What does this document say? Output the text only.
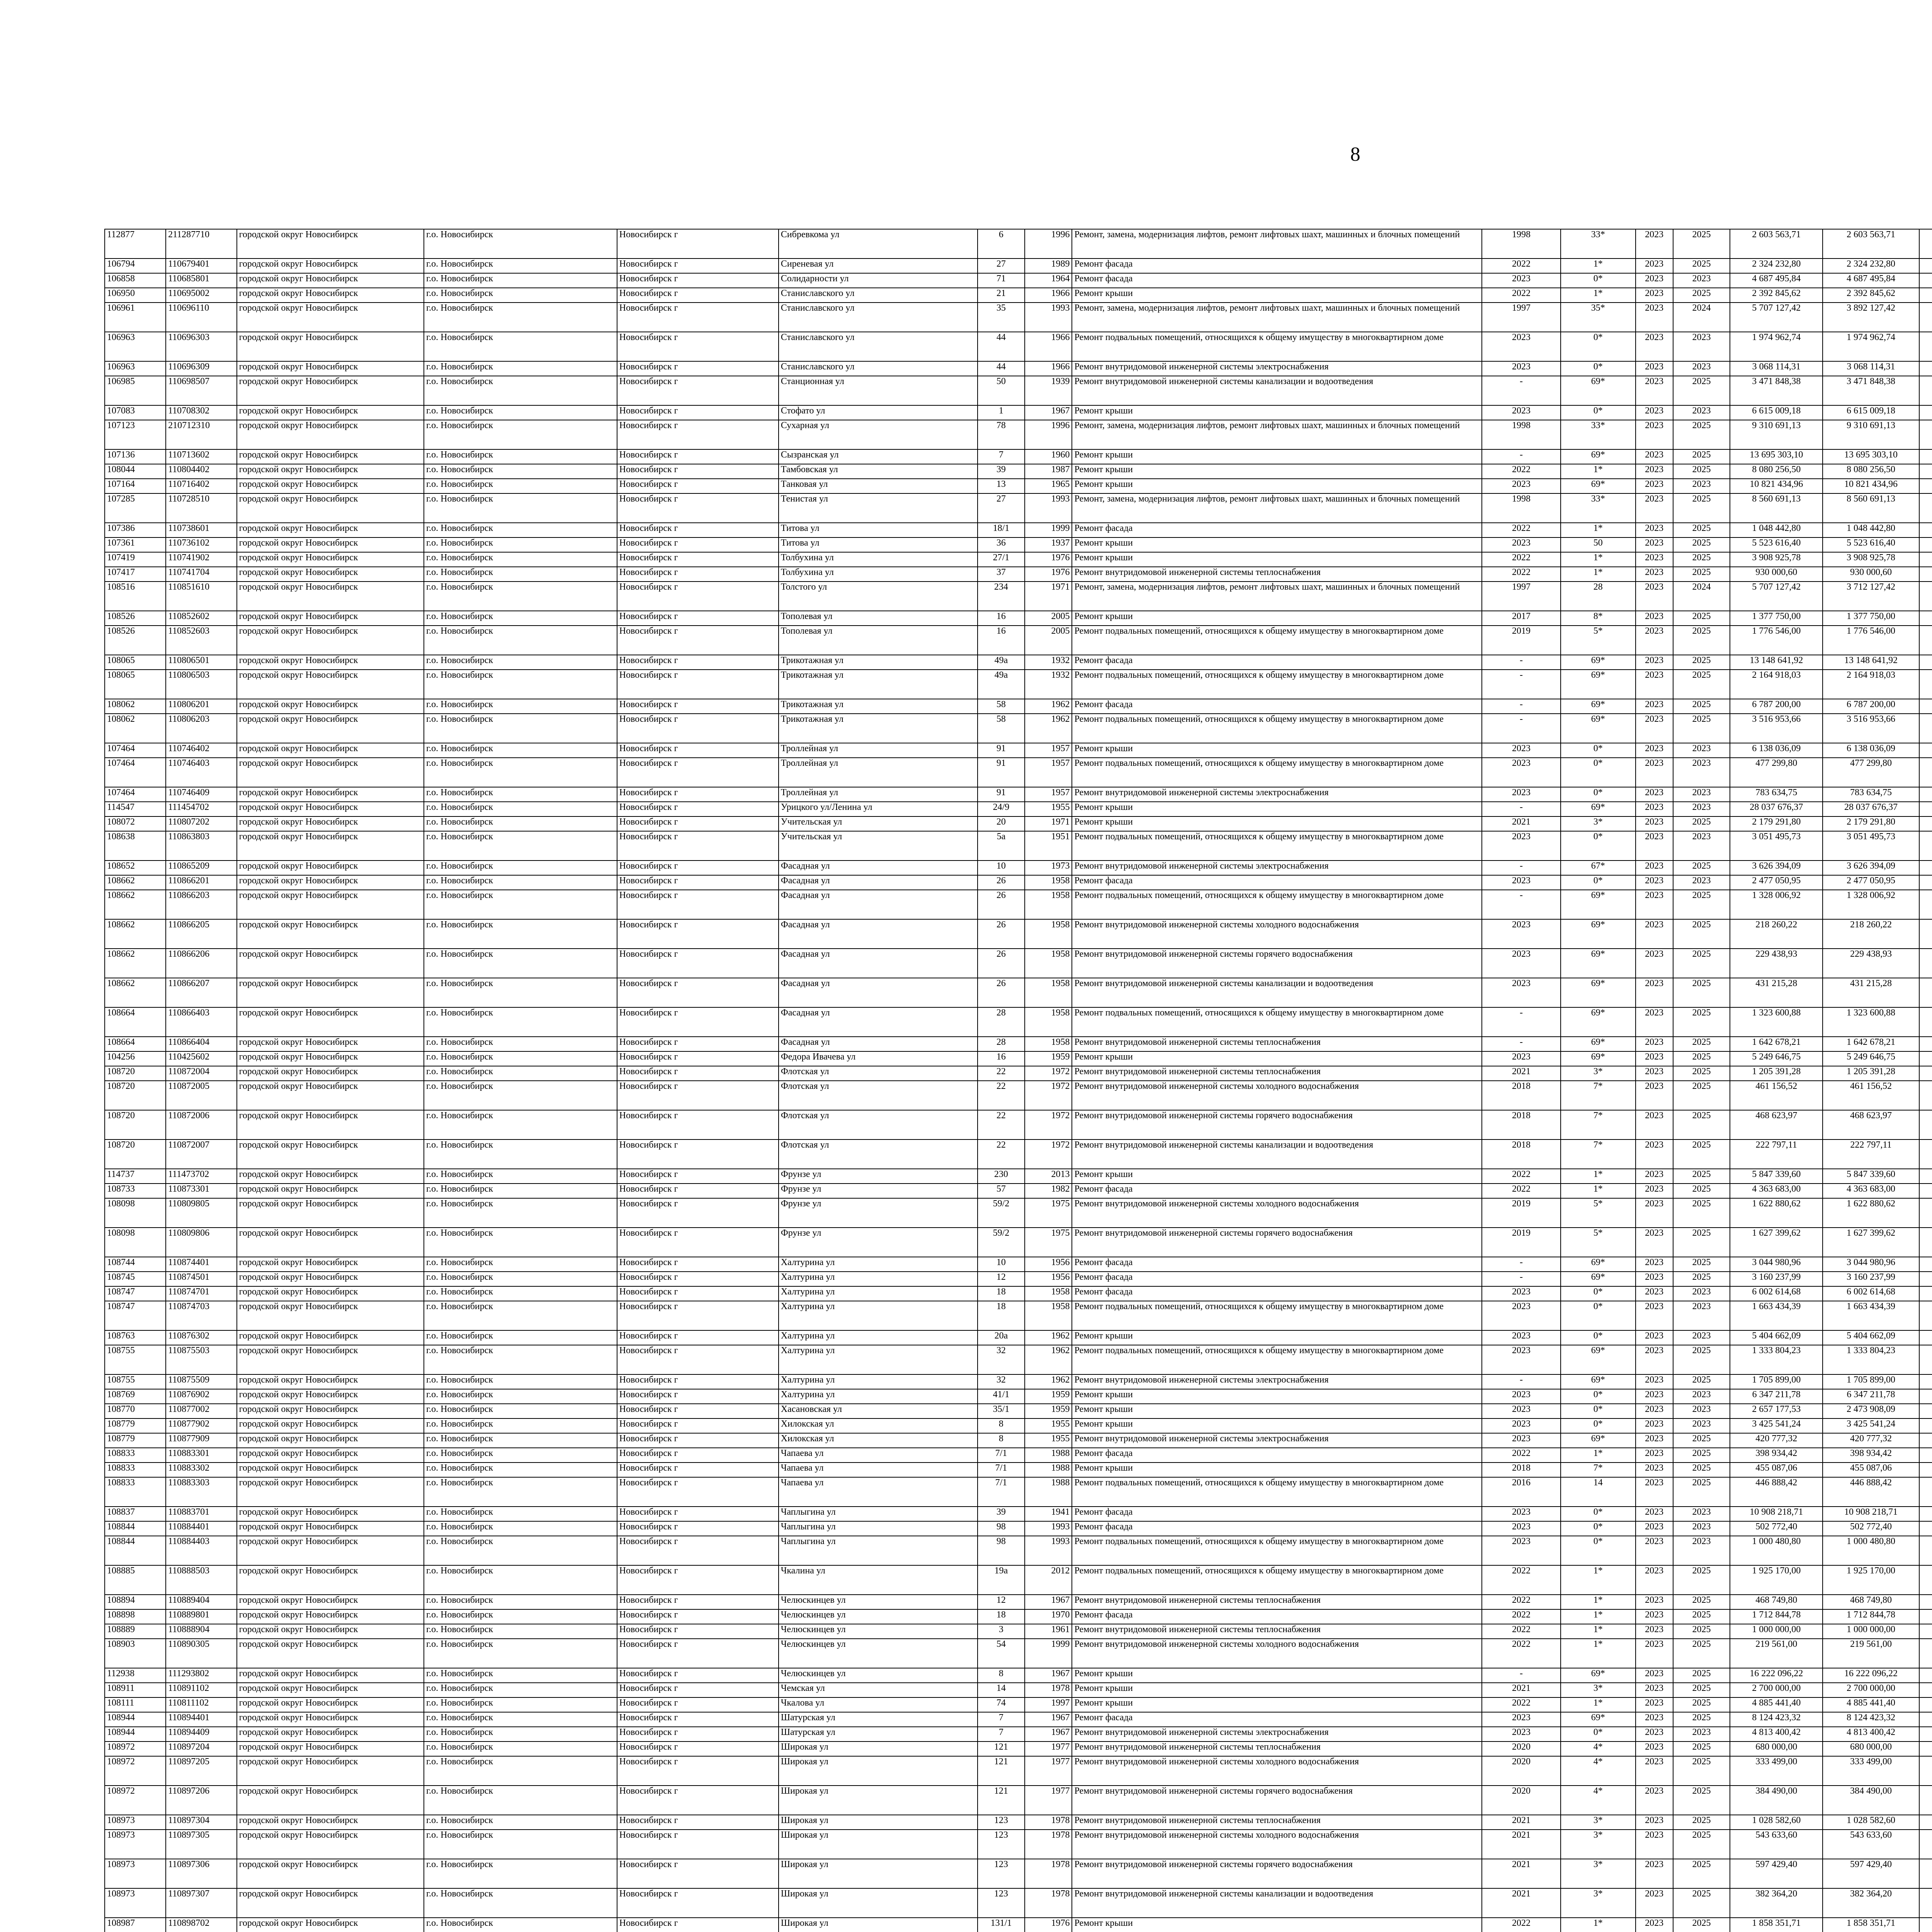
8
112877	211287710	городской округ Новосибирск	г.о. Новосибирск	Новосибирск г	Сибревкома ул	6	1996	Ремонт, замена, модернизация лифтов, ремонт лифтовых шахт, машинных и блочных помещений	1998	33*	2023	2025	2 603 563,71	2 603 563,71							
106794	110679401	городской округ Новосибирск	г.о. Новосибирск	Новосибирск г	Сиреневая ул	27	1989	Ремонт фасада	2022	1*	2023	2025	2 324 232,80	2 324 232,80							
106858	110685801	городской округ Новосибирск	г.о. Новосибирск	Новосибирск г	Солидарности ул	71	1964	Ремонт фасада	2023	0*	2023	2023	4 687 495,84	4 687 495,84							
106950	110695002	городской округ Новосибирск	г.о. Новосибирск	Новосибирск г	Станиславского ул	21	1966	Ремонт крыши	2022	1*	2023	2025	2 392 845,62	2 392 845,62							
106961	110696110	городской округ Новосибирск	г.о. Новосибирск	Новосибирск г	Станиславского ул	35	1993	Ремонт, замена, модернизация лифтов, ремонт лифтовых шахт, машинных и блочных помещений	1997	35*	2023	2024	5 707 127,42	3 892 127,42							
106963	110696303	городской округ Новосибирск	г.о. Новосибирск	Новосибирск г	Станиславского ул	44	1966	Ремонт подвальных помещений, относящихся к общему имуществу в многоквартирном доме	2023	0*	2023	2023	1 974 962,74	1 974 962,74							
106963	110696309	городской округ Новосибирск	г.о. Новосибирск	Новосибирск г	Станиславского ул	44	1966	Ремонт внутридомовой инженерной системы электроснабжения	2023	0*	2023	2023	3 068 114,31	3 068 114,31							
106985	110698507	городской округ Новосибирск	г.о. Новосибирск	Новосибирск г	Станционная ул	50	1939	Ремонт внутридомовой инженерной системы канализации и водоотведения	-	69*	2023	2025	3 471 848,38	3 471 848,38							
107083	110708302	городской округ Новосибирск	г.о. Новосибирск	Новосибирск г	Стофато ул	1	1967	Ремонт крыши	2023	0*	2023	2023	6 615 009,18	6 615 009,18							
107123	210712310	городской округ Новосибирск	г.о. Новосибирск	Новосибирск г	Сухарная ул	78	1996	Ремонт, замена, модернизация лифтов, ремонт лифтовых шахт, машинных и блочных помещений	1998	33*	2023	2025	9 310 691,13	9 310 691,13							
107136	110713602	городской округ Новосибирск	г.о. Новосибирск	Новосибирск г	Сызранская ул	7	1960	Ремонт крыши	-	69*	2023	2025	13 695 303,10	13 695 303,10							
108044	110804402	городской округ Новосибирск	г.о. Новосибирск	Новосибирск г	Тамбовская ул	39	1987	Ремонт крыши	2022	1*	2023	2025	8 080 256,50	8 080 256,50							
107164	110716402	городской округ Новосибирск	г.о. Новосибирск	Новосибирск г	Танковая ул	13	1965	Ремонт крыши	2023	69*	2023	2023	10 821 434,96	10 821 434,96							
107285	110728510	городской округ Новосибирск	г.о. Новосибирск	Новосибирск г	Тенистая ул	27	1993	Ремонт, замена, модернизация лифтов, ремонт лифтовых шахт, машинных и блочных помещений	1998	33*	2023	2025	8 560 691,13	8 560 691,13							
107386	110738601	городской округ Новосибирск	г.о. Новосибирск	Новосибирск г	Титова ул	18/1	1999	Ремонт фасада	2022	1*	2023	2025	1 048 442,80	1 048 442,80							
107361	110736102	городской округ Новосибирск	г.о. Новосибирск	Новосибирск г	Титова ул	36	1937	Ремонт крыши	2023	50	2023	2025	5 523 616,40	5 523 616,40							
107419	110741902	городской округ Новосибирск	г.о. Новосибирск	Новосибирск г	Толбухина ул	27/1	1976	Ремонт крыши	2022	1*	2023	2025	3 908 925,78	3 908 925,78							
107417	110741704	городской округ Новосибирск	г.о. Новосибирск	Новосибирск г	Толбухина ул	37	1976	Ремонт внутридомовой инженерной системы теплоснабжения	2022	1*	2023	2025	930 000,60	930 000,60							
108516	110851610	городской округ Новосибирск	г.о. Новосибирск	Новосибирск г	Толстого ул	234	1971	Ремонт, замена, модернизация лифтов, ремонт лифтовых шахт, машинных и блочных помещений	1997	28	2023	2024	5 707 127,42	3 712 127,42							
108526	110852602	городской округ Новосибирск	г.о. Новосибирск	Новосибирск г	Тополевая ул	16	2005	Ремонт крыши	2017	8*	2023	2025	1 377 750,00	1 377 750,00							
108526	110852603	городской округ Новосибирск	г.о. Новосибирск	Новосибирск г	Тополевая ул	16	2005	Ремонт подвальных помещений, относящихся к общему имуществу в многоквартирном доме	2019	5*	2023	2025	1 776 546,00	1 776 546,00							
108065	110806501	городской округ Новосибирск	г.о. Новосибирск	Новосибирск г	Трикотажная ул	49а	1932	Ремонт фасада	-	69*	2023	2025	13 148 641,92	13 148 641,92							
108065	110806503	городской округ Новосибирск	г.о. Новосибирск	Новосибирск г	Трикотажная ул	49а	1932	Ремонт подвальных помещений, относящихся к общему имуществу в многоквартирном доме	-	69*	2023	2025	2 164 918,03	2 164 918,03							
108062	110806201	городской округ Новосибирск	г.о. Новосибирск	Новосибирск г	Трикотажная ул	58	1962	Ремонт фасада	-	69*	2023	2025	6 787 200,00	6 787 200,00							
108062	110806203	городской округ Новосибирск	г.о. Новосибирск	Новосибирск г	Трикотажная ул	58	1962	Ремонт подвальных помещений, относящихся к общему имуществу в многоквартирном доме	-	69*	2023	2025	3 516 953,66	3 516 953,66							
107464	110746402	городской округ Новосибирск	г.о. Новосибирск	Новосибирск г	Троллейная ул	91	1957	Ремонт крыши	2023	0*	2023	2023	6 138 036,09	6 138 036,09							
107464	110746403	городской округ Новосибирск	г.о. Новосибирск	Новосибирск г	Троллейная ул	91	1957	Ремонт подвальных помещений, относящихся к общему имуществу в многоквартирном доме	2023	0*	2023	2023	477 299,80	477 299,80							
107464	110746409	городской округ Новосибирск	г.о. Новосибирск	Новосибирск г	Троллейная ул	91	1957	Ремонт внутридомовой инженерной системы электроснабжения	2023	0*	2023	2023	783 634,75	783 634,75							
114547	111454702	городской округ Новосибирск	г.о. Новосибирск	Новосибирск г	Урицкого ул/Ленина ул	24/9	1955	Ремонт крыши	-	69*	2023	2023	28 037 676,37	28 037 676,37							
108072	110807202	городской округ Новосибирск	г.о. Новосибирск	Новосибирск г	Учительская ул	20	1971	Ремонт крыши	2021	3*	2023	2025	2 179 291,80	2 179 291,80							
108638	110863803	городской округ Новосибирск	г.о. Новосибирск	Новосибирск г	Учительская ул	5а	1951	Ремонт подвальных помещений, относящихся к общему имуществу в многоквартирном доме	2023	0*	2023	2023	3 051 495,73	3 051 495,73							
108652	110865209	городской округ Новосибирск	г.о. Новосибирск	Новосибирск г	Фасадная ул	10	1973	Ремонт внутридомовой инженерной системы электроснабжения	-	67*	2023	2025	3 626 394,09	3 626 394,09							
108662	110866201	городской округ Новосибирск	г.о. Новосибирск	Новосибирск г	Фасадная ул	26	1958	Ремонт фасада	2023	0*	2023	2023	2 477 050,95	2 477 050,95							
108662	110866203	городской округ Новосибирск	г.о. Новосибирск	Новосибирск г	Фасадная ул	26	1958	Ремонт подвальных помещений, относящихся к общему имуществу в многоквартирном доме	-	69*	2023	2025	1 328 006,92	1 328 006,92							
108662	110866205	городской округ Новосибирск	г.о. Новосибирск	Новосибирск г	Фасадная ул	26	1958	Ремонт внутридомовой инженерной системы холодного водоснабжения	2023	69*	2023	2025	218 260,22	218 260,22							
108662	110866206	городской округ Новосибирск	г.о. Новосибирск	Новосибирск г	Фасадная ул	26	1958	Ремонт внутридомовой инженерной системы горячего водоснабжения	2023	69*	2023	2025	229 438,93	229 438,93							
108662	110866207	городской округ Новосибирск	г.о. Новосибирск	Новосибирск г	Фасадная ул	26	1958	Ремонт внутридомовой инженерной системы канализации и водоотведения	2023	69*	2023	2025	431 215,28	431 215,28							
108664	110866403	городской округ Новосибирск	г.о. Новосибирск	Новосибирск г	Фасадная ул	28	1958	Ремонт подвальных помещений, относящихся к общему имуществу в многоквартирном доме	-	69*	2023	2025	1 323 600,88	1 323 600,88							
108664	110866404	городской округ Новосибирск	г.о. Новосибирск	Новосибирск г	Фасадная ул	28	1958	Ремонт внутридомовой инженерной системы теплоснабжения	-	69*	2023	2025	1 642 678,21	1 642 678,21							
104256	110425602	городской округ Новосибирск	г.о. Новосибирск	Новосибирск г	Федора Ивачева ул	16	1959	Ремонт крыши	2023	69*	2023	2025	5 249 646,75	5 249 646,75							
108720	110872004	городской округ Новосибирск	г.о. Новосибирск	Новосибирск г	Флотская ул	22	1972	Ремонт внутридомовой инженерной системы теплоснабжения	2021	3*	2023	2025	1 205 391,28	1 205 391,28							
108720	110872005	городской округ Новосибирск	г.о. Новосибирск	Новосибирск г	Флотская ул	22	1972	Ремонт внутридомовой инженерной системы холодного водоснабжения	2018	7*	2023	2025	461 156,52	461 156,52							
108720	110872006	городской округ Новосибирск	г.о. Новосибирск	Новосибирск г	Флотская ул	22	1972	Ремонт внутридомовой инженерной системы горячего водоснабжения	2018	7*	2023	2025	468 623,97	468 623,97							
108720	110872007	городской округ Новосибирск	г.о. Новосибирск	Новосибирск г	Флотская ул	22	1972	Ремонт внутридомовой инженерной системы канализации и водоотведения	2018	7*	2023	2025	222 797,11	222 797,11							
114737	111473702	городской округ Новосибирск	г.о. Новосибирск	Новосибирск г	Фрунзе ул	230	2013	Ремонт крыши	2022	1*	2023	2025	5 847 339,60	5 847 339,60							
108733	110873301	городской округ Новосибирск	г.о. Новосибирск	Новосибирск г	Фрунзе ул	57	1982	Ремонт фасада	2022	1*	2023	2025	4 363 683,00	4 363 683,00							
108098	110809805	городской округ Новосибирск	г.о. Новосибирск	Новосибирск г	Фрунзе ул	59/2	1975	Ремонт внутридомовой инженерной системы холодного водоснабжения	2019	5*	2023	2025	1 622 880,62	1 622 880,62							
108098	110809806	городской округ Новосибирск	г.о. Новосибирск	Новосибирск г	Фрунзе ул	59/2	1975	Ремонт внутридомовой инженерной системы горячего водоснабжения	2019	5*	2023	2025	1 627 399,62	1 627 399,62							
108744	110874401	городской округ Новосибирск	г.о. Новосибирск	Новосибирск г	Халтурина ул	10	1956	Ремонт фасада	-	69*	2023	2025	3 044 980,96	3 044 980,96							
108745	110874501	городской округ Новосибирск	г.о. Новосибирск	Новосибирск г	Халтурина ул	12	1956	Ремонт фасада	-	69*	2023	2025	3 160 237,99	3 160 237,99							
108747	110874701	городской округ Новосибирск	г.о. Новосибирск	Новосибирск г	Халтурина ул	18	1958	Ремонт фасада	2023	0*	2023	2023	6 002 614,68	6 002 614,68							
108747	110874703	городской округ Новосибирск	г.о. Новосибирск	Новосибирск г	Халтурина ул	18	1958	Ремонт подвальных помещений, относящихся к общему имуществу в многоквартирном доме	2023	0*	2023	2023	1 663 434,39	1 663 434,39							
108763	110876302	городской округ Новосибирск	г.о. Новосибирск	Новосибирск г	Халтурина ул	20а	1962	Ремонт крыши	2023	0*	2023	2023	5 404 662,09	5 404 662,09							
108755	110875503	городской округ Новосибирск	г.о. Новосибирск	Новосибирск г	Халтурина ул	32	1962	Ремонт подвальных помещений, относящихся к общему имуществу в многоквартирном доме	2023	69*	2023	2025	1 333 804,23	1 333 804,23							
108755	110875509	городской округ Новосибирск	г.о. Новосибирск	Новосибирск г	Халтурина ул	32	1962	Ремонт внутридомовой инженерной системы электроснабжения	-	69*	2023	2025	1 705 899,00	1 705 899,00							
108769	110876902	городской округ Новосибирск	г.о. Новосибирск	Новосибирск г	Халтурина ул	41/1	1959	Ремонт крыши	2023	0*	2023	2023	6 347 211,78	6 347 211,78							
108770	110877002	городской округ Новосибирск	г.о. Новосибирск	Новосибирск г	Хасановская ул	35/1	1959	Ремонт крыши	2023	0*	2023	2023	2 657 177,53	2 473 908,09							
108779	110877902	городской округ Новосибирск	г.о. Новосибирск	Новосибирск г	Хилокская ул	8	1955	Ремонт крыши	2023	0*	2023	2023	3 425 541,24	3 425 541,24							
108779	110877909	городской округ Новосибирск	г.о. Новосибирск	Новосибирск г	Хилокская ул	8	1955	Ремонт внутридомовой инженерной системы электроснабжения	2023	69*	2023	2025	420 777,32	420 777,32							
108833	110883301	городской округ Новосибирск	г.о. Новосибирск	Новосибирск г	Чапаева ул	7/1	1988	Ремонт фасада	2022	1*	2023	2025	398 934,42	398 934,42							
108833	110883302	городской округ Новосибирск	г.о. Новосибирск	Новосибирск г	Чапаева ул	7/1	1988	Ремонт крыши	2018	7*	2023	2025	455 087,06	455 087,06							
108833	110883303	городской округ Новосибирск	г.о. Новосибирск	Новосибирск г	Чапаева ул	7/1	1988	Ремонт подвальных помещений, относящихся к общему имуществу в многоквартирном доме	2016	14	2023	2025	446 888,42	446 888,42							
108837	110883701	городской округ Новосибирск	г.о. Новосибирск	Новосибирск г	Чаплыгина ул	39	1941	Ремонт фасада	2023	0*	2023	2023	10 908 218,71	10 908 218,71							
108844	110884401	городской округ Новосибирск	г.о. Новосибирск	Новосибирск г	Чаплыгина ул	98	1993	Ремонт фасада	2023	0*	2023	2023	502 772,40	502 772,40							
108844	110884403	городской округ Новосибирск	г.о. Новосибирск	Новосибирск г	Чаплыгина ул	98	1993	Ремонт подвальных помещений, относящихся к общему имуществу в многоквартирном доме	2023	0*	2023	2023	1 000 480,80	1 000 480,80							
108885	110888503	городской округ Новосибирск	г.о. Новосибирск	Новосибирск г	Чкалина ул	19а	2012	Ремонт подвальных помещений, относящихся к общему имуществу в многоквартирном доме	2022	1*	2023	2025	1 925 170,00	1 925 170,00							
108894	110889404	городской округ Новосибирск	г.о. Новосибирск	Новосибирск г	Челюскинцев ул	12	1967	Ремонт внутридомовой инженерной системы теплоснабжения	2022	1*	2023	2025	468 749,80	468 749,80							
108898	110889801	городской округ Новосибирск	г.о. Новосибирск	Новосибирск г	Челюскинцев ул	18	1970	Ремонт фасада	2022	1*	2023	2025	1 712 844,78	1 712 844,78							
108889	110888904	городской округ Новосибирск	г.о. Новосибирск	Новосибирск г	Челюскинцев ул	3	1961	Ремонт внутридомовой инженерной системы теплоснабжения	2022	1*	2023	2025	1 000 000,00	1 000 000,00							
108903	110890305	городской округ Новосибирск	г.о. Новосибирск	Новосибирск г	Челюскинцев ул	54	1999	Ремонт внутридомовой инженерной системы холодного водоснабжения	2022	1*	2023	2025	219 561,00	219 561,00							
112938	111293802	городской округ Новосибирск	г.о. Новосибирск	Новосибирск г	Челюскинцев ул	8	1967	Ремонт крыши	-	69*	2023	2025	16 222 096,22	16 222 096,22							
108911	110891102	городской округ Новосибирск	г.о. Новосибирск	Новосибирск г	Чемская ул	14	1978	Ремонт крыши	2021	3*	2023	2025	2 700 000,00	2 700 000,00							
108111	110811102	городской округ Новосибирск	г.о. Новосибирск	Новосибирск г	Чкалова ул	74	1997	Ремонт крыши	2022	1*	2023	2025	4 885 441,40	4 885 441,40							
108944	110894401	городской округ Новосибирск	г.о. Новосибирск	Новосибирск г	Шатурская ул	7	1967	Ремонт фасада	2023	69*	2023	2025	8 124 423,32	8 124 423,32							
108944	110894409	городской округ Новосибирск	г.о. Новосибирск	Новосибирск г	Шатурская ул	7	1967	Ремонт внутридомовой инженерной системы электроснабжения	2023	0*	2023	2023	4 813 400,42	4 813 400,42							
108972	110897204	городской округ Новосибирск	г.о. Новосибирск	Новосибирск г	Широкая ул	121	1977	Ремонт внутридомовой инженерной системы теплоснабжения	2020	4*	2023	2025	680 000,00	680 000,00							
108972	110897205	городской округ Новосибирск	г.о. Новосибирск	Новосибирск г	Широкая ул	121	1977	Ремонт внутридомовой инженерной системы холодного водоснабжения	2020	4*	2023	2025	333 499,00	333 499,00							
108972	110897206	городской округ Новосибирск	г.о. Новосибирск	Новосибирск г	Широкая ул	121	1977	Ремонт внутридомовой инженерной системы горячего водоснабжения	2020	4*	2023	2025	384 490,00	384 490,00							
108973	110897304	городской округ Новосибирск	г.о. Новосибирск	Новосибирск г	Широкая ул	123	1978	Ремонт внутридомовой инженерной системы теплоснабжения	2021	3*	2023	2025	1 028 582,60	1 028 582,60							
108973	110897305	городской округ Новосибирск	г.о. Новосибирск	Новосибирск г	Широкая ул	123	1978	Ремонт внутридомовой инженерной системы холодного водоснабжения	2021	3*	2023	2025	543 633,60	543 633,60							
108973	110897306	городской округ Новосибирск	г.о. Новосибирск	Новосибирск г	Широкая ул	123	1978	Ремонт внутридомовой инженерной системы горячего водоснабжения	2021	3*	2023	2025	597 429,40	597 429,40							
108973	110897307	городской округ Новосибирск	г.о. Новосибирск	Новосибирск г	Широкая ул	123	1978	Ремонт внутридомовой инженерной системы канализации и водоотведения	2021	3*	2023	2025	382 364,20	382 364,20							
108987	110898702	городской округ Новосибирск	г.о. Новосибирск	Новосибирск г	Широкая ул	131/1	1976	Ремонт крыши	2022	1*	2023	2025	1 858 351,71	1 858 351,71							
